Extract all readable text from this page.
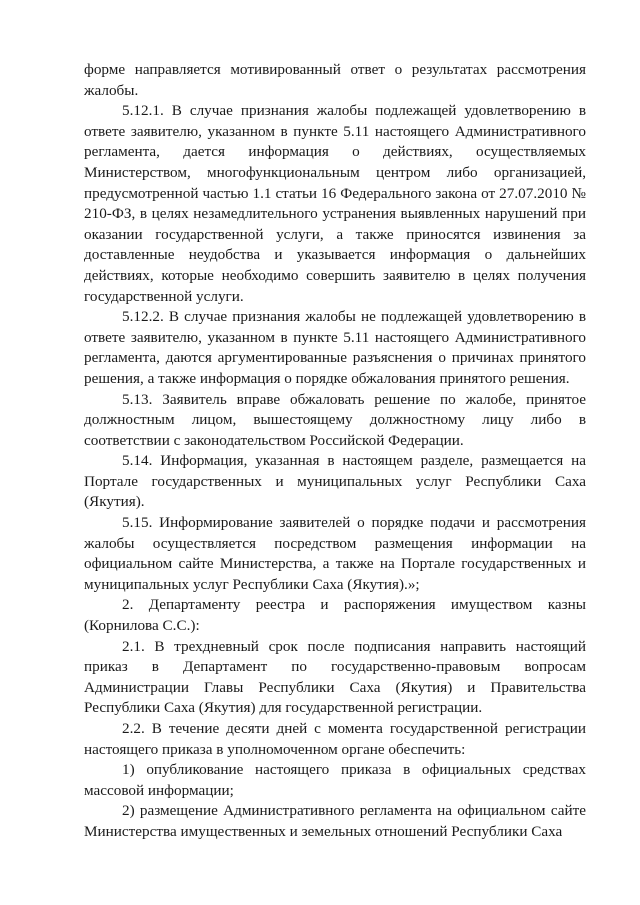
форме направляется мотивированный ответ о результатах рассмотрения жалобы.

5.12.1. В случае признания жалобы подлежащей удовлетворению в ответе заявителю, указанном в пункте 5.11 настоящего Административного регламента, дается информация о действиях, осуществляемых Министерством, многофункциональным центром либо организацией, предусмотренной частью 1.1 статьи 16 Федерального закона от 27.07.2010 № 210-ФЗ, в целях незамедлительного устранения выявленных нарушений при оказании государственной услуги, а также приносятся извинения за доставленные неудобства и указывается информация о дальнейших действиях, которые необходимо совершить заявителю в целях получения государственной услуги.

5.12.2. В случае признания жалобы не подлежащей удовлетворению в ответе заявителю, указанном в пункте 5.11 настоящего Административного регламента, даются аргументированные разъяснения о причинах принятого решения, а также информация о порядке обжалования принятого решения.

5.13. Заявитель вправе обжаловать решение по жалобе, принятое должностным лицом, вышестоящему должностному лицу либо в соответствии с законодательством Российской Федерации.

5.14. Информация, указанная в настоящем разделе, размещается на Портале государственных и муниципальных услуг Республики Саха (Якутия).

5.15. Информирование заявителей о порядке подачи и рассмотрения жалобы осуществляется посредством размещения информации на официальном сайте Министерства, а также на Портале государственных и муниципальных услуг Республики Саха (Якутия).»;

2. Департаменту реестра и распоряжения имуществом казны (Корнилова С.С.):

2.1. В трехдневный срок после подписания направить настоящий приказ в Департамент по государственно-правовым вопросам Администрации Главы Республики Саха (Якутия) и Правительства Республики Саха (Якутия) для государственной регистрации.

2.2. В течение десяти дней с момента государственной регистрации настоящего приказа в уполномоченном органе обеспечить:

1) опубликование настоящего приказа в официальных средствах массовой информации;

2) размещение Административного регламента на официальном сайте Министерства имущественных и земельных отношений Республики Саха
